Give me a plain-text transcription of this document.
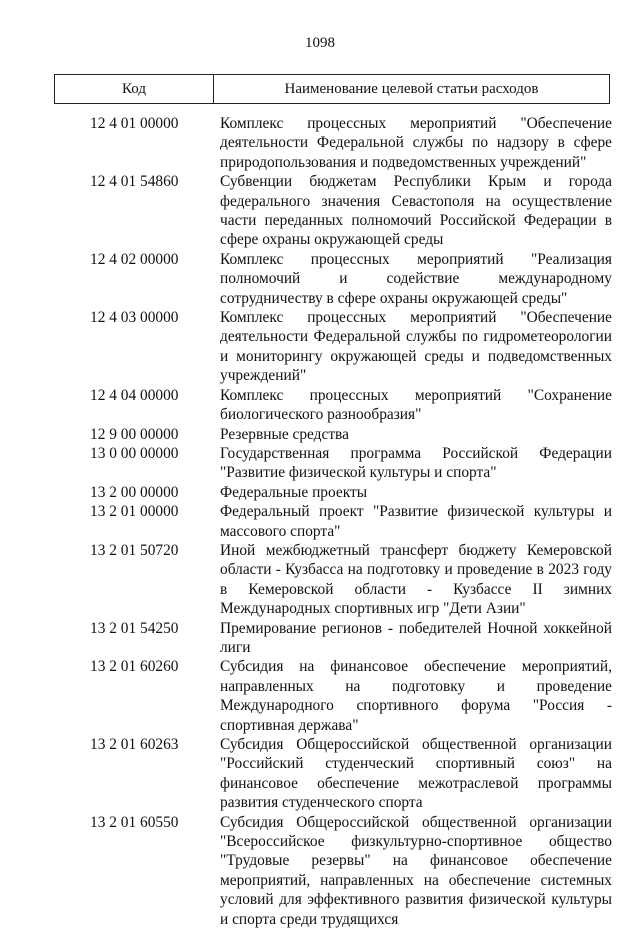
1098
Код	Наименование целевой статьи расходов
12 4 01 00000	Комплекс процессных мероприятий "Обеспечение деятельности Федеральной службы по надзору в сфере природопользования и подведомственных учреждений"
12 4 01 54860	Субвенции бюджетам Республики Крым и города федерального значения Севастополя на осуществление части переданных полномочий Российской Федерации в сфере охраны окружающей среды
12 4 02 00000	Комплекс процессных мероприятий "Реализация полномочий и содействие международному сотрудничеству в сфере охраны окружающей среды"
12 4 03 00000	Комплекс процессных мероприятий "Обеспечение деятельности Федеральной службы по гидрометеорологии и мониторингу окружающей среды и подведомственных учреждений"
12 4 04 00000	Комплекс процессных мероприятий "Сохранение биологического разнообразия"
12 9 00 00000	Резервные средства
13 0 00 00000	Государственная программа Российской Федерации "Развитие физической культуры и спорта"
13 2 00 00000	Федеральные проекты
13 2 01 00000	Федеральный проект "Развитие физической культуры и массового спорта"
13 2 01 50720	Иной межбюджетный трансферт бюджету Кемеровской области - Кузбасса на подготовку и проведение в 2023 году в Кемеровской области - Кузбассе II зимних Международных спортивных игр "Дети Азии"
13 2 01 54250	Премирование регионов - победителей Ночной хоккейной лиги
13 2 01 60260	Субсидия на финансовое обеспечение мероприятий, направленных на подготовку и проведение Международного спортивного форума "Россия - спортивная держава"
13 2 01 60263	Субсидия Общероссийской общественной организации "Российский студенческий спортивный союз" на финансовое обеспечение межотраслевой программы развития студенческого спорта
13 2 01 60550	Субсидия Общероссийской общественной организации "Всероссийское физкультурно-спортивное общество "Трудовые резервы" на финансовое обеспечение мероприятий, направленных на обеспечение системных условий для эффективного развития физической культуры и спорта среди трудящихся
